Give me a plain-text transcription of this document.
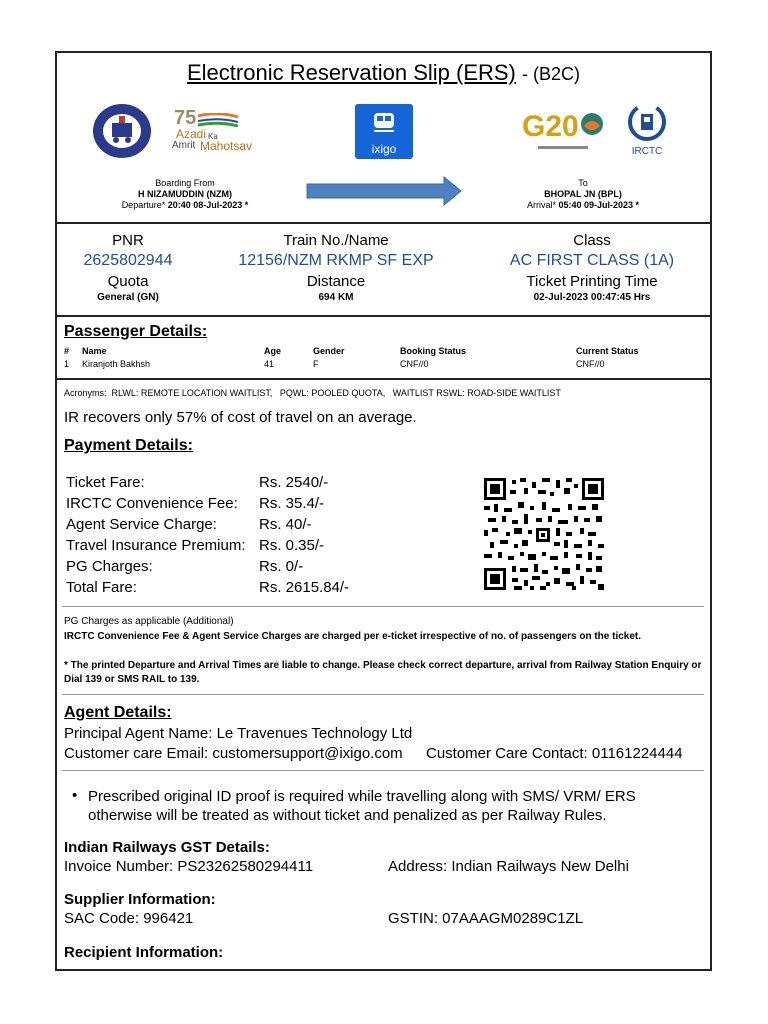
Electronic Reservation Slip (ERS) - (B2C)
75
Azadi Ka
Amrit Mahotsav	ixigo
G20
IRCTC
Boarding From
H NIZAMUDDIN (NZM)
Departure* 20:40 08-Jul-2023 *
To
BHOPAL JN (BPL)
Arrival* 05:40 09-Jul-2023 *
PNR	Train No./Name	Class
2625802944	12156/NZM RKMP SF EXP	AC FIRST CLASS (1A)
Quota	Distance	Ticket Printing Time
General (GN)	694 KM	02-Jul-2023 00:47:45 Hrs
Passenger Details:
# Name	Age	Gender	Booking Status	Current Status
1 Kiranjoth Bakhsh	41	F	CNF//0	CNF//0
Acronyms:  RLWL: REMOTE LOCATION WAITLIST,   PQWL: POOLED QUOTA,   WAITLIST RSWL: ROAD-SIDE WAITLIST
IR recovers only 57% of cost of travel on an average.
Payment Details:
Ticket Fare:	Rs. 2540/-
IRCTC Convenience Fee: Rs. 35.4/-
Agent Service Charge:	Rs. 40/-
Travel Insurance Premium: Rs. 0.35/-
PG Charges:	Rs. 0/-
Total Fare:	Rs. 2615.84/-
PG Charges as applicable (Additional)
IRCTC Convenience Fee & Agent Service Charges are charged per e-ticket irrespective of no. of passengers on the ticket.
* The printed Departure and Arrival Times are liable to change. Please check correct departure, arrival from Railway Station Enquiry or Dial 139 or SMS RAIL to 139.
Agent Details:
Principal Agent Name: Le Travenues Technology Ltd
Customer care Email: customersupport@ixigo.com Customer Care Contact: 01161224444
• Prescribed original ID proof is required while travelling along with SMS/ VRM/ ERS otherwise will be treated as without ticket and penalized as per Railway Rules.
Indian Railways GST Details:
Invoice Number: PS23262580294411	Address: Indian Railways New Delhi
Supplier Information:
SAC Code: 996421	GSTIN: 07AAAGM0289C1ZL
Recipient Information:
